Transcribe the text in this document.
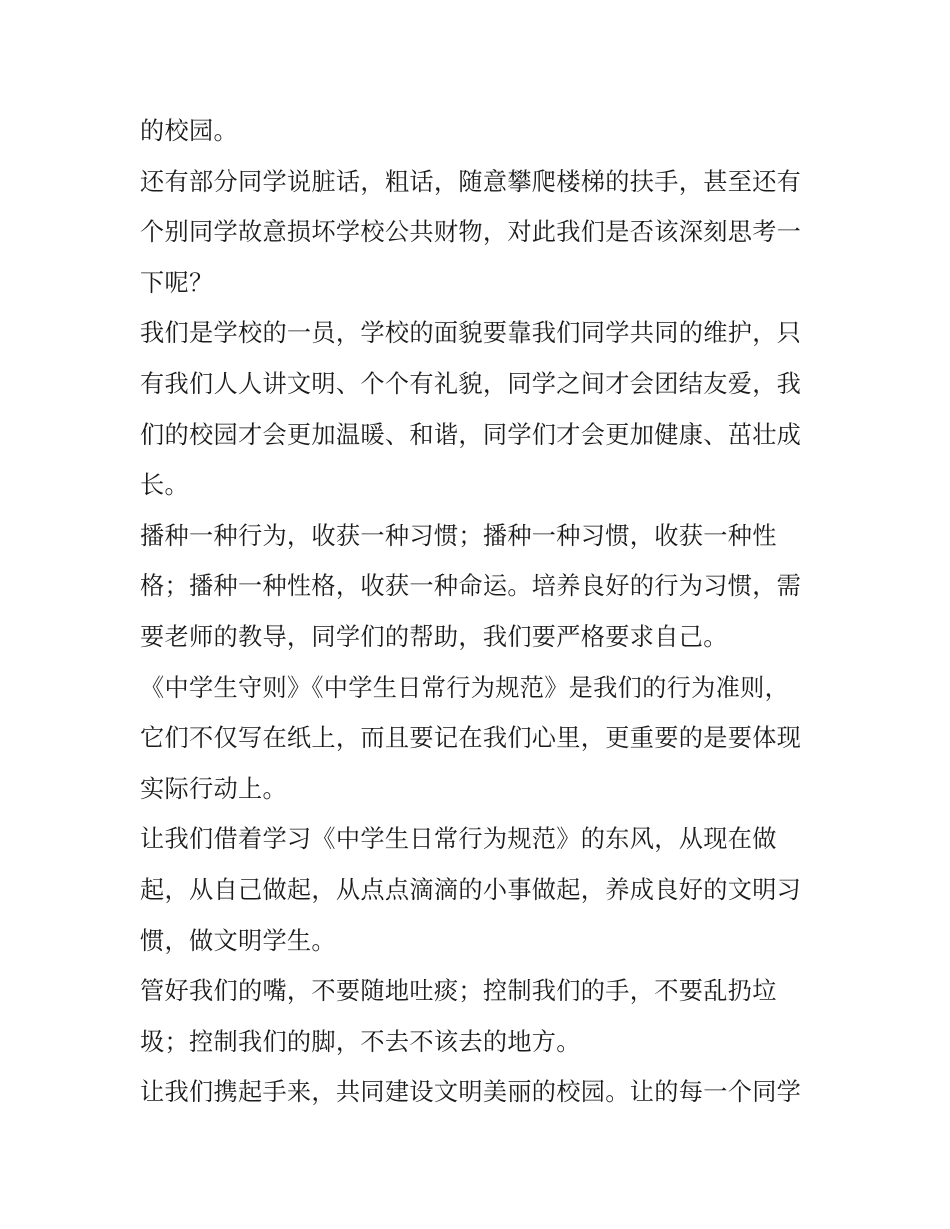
的校园。
还有部分同学说脏话，粗话，随意攀爬楼梯的扶手，甚至还有
个别同学故意损坏学校公共财物，对此我们是否该深刻思考一
下呢？
我们是学校的一员，学校的面貌要靠我们同学共同的维护，只
有我们人人讲文明、个个有礼貌，同学之间才会团结友爱，我
们的校园才会更加温暖、和谐，同学们才会更加健康、茁壮成
长。
播种一种行为，收获一种习惯；播种一种习惯，收获一种性
格；播种一种性格，收获一种命运。培养良好的行为习惯，需
要老师的教导，同学们的帮助，我们要严格要求自己。
《中学生守则》《中学生日常行为规范》是我们的行为准则，
它们不仅写在纸上，而且要记在我们心里，更重要的是要体现
实际行动上。
让我们借着学习《中学生日常行为规范》的东风，从现在做
起，从自己做起，从点点滴滴的小事做起，养成良好的文明习
惯，做文明学生。
管好我们的嘴，不要随地吐痰；控制我们的手，不要乱扔垃
圾；控制我们的脚，不去不该去的地方。
让我们携起手来，共同建设文明美丽的校园。让的每一个同学
